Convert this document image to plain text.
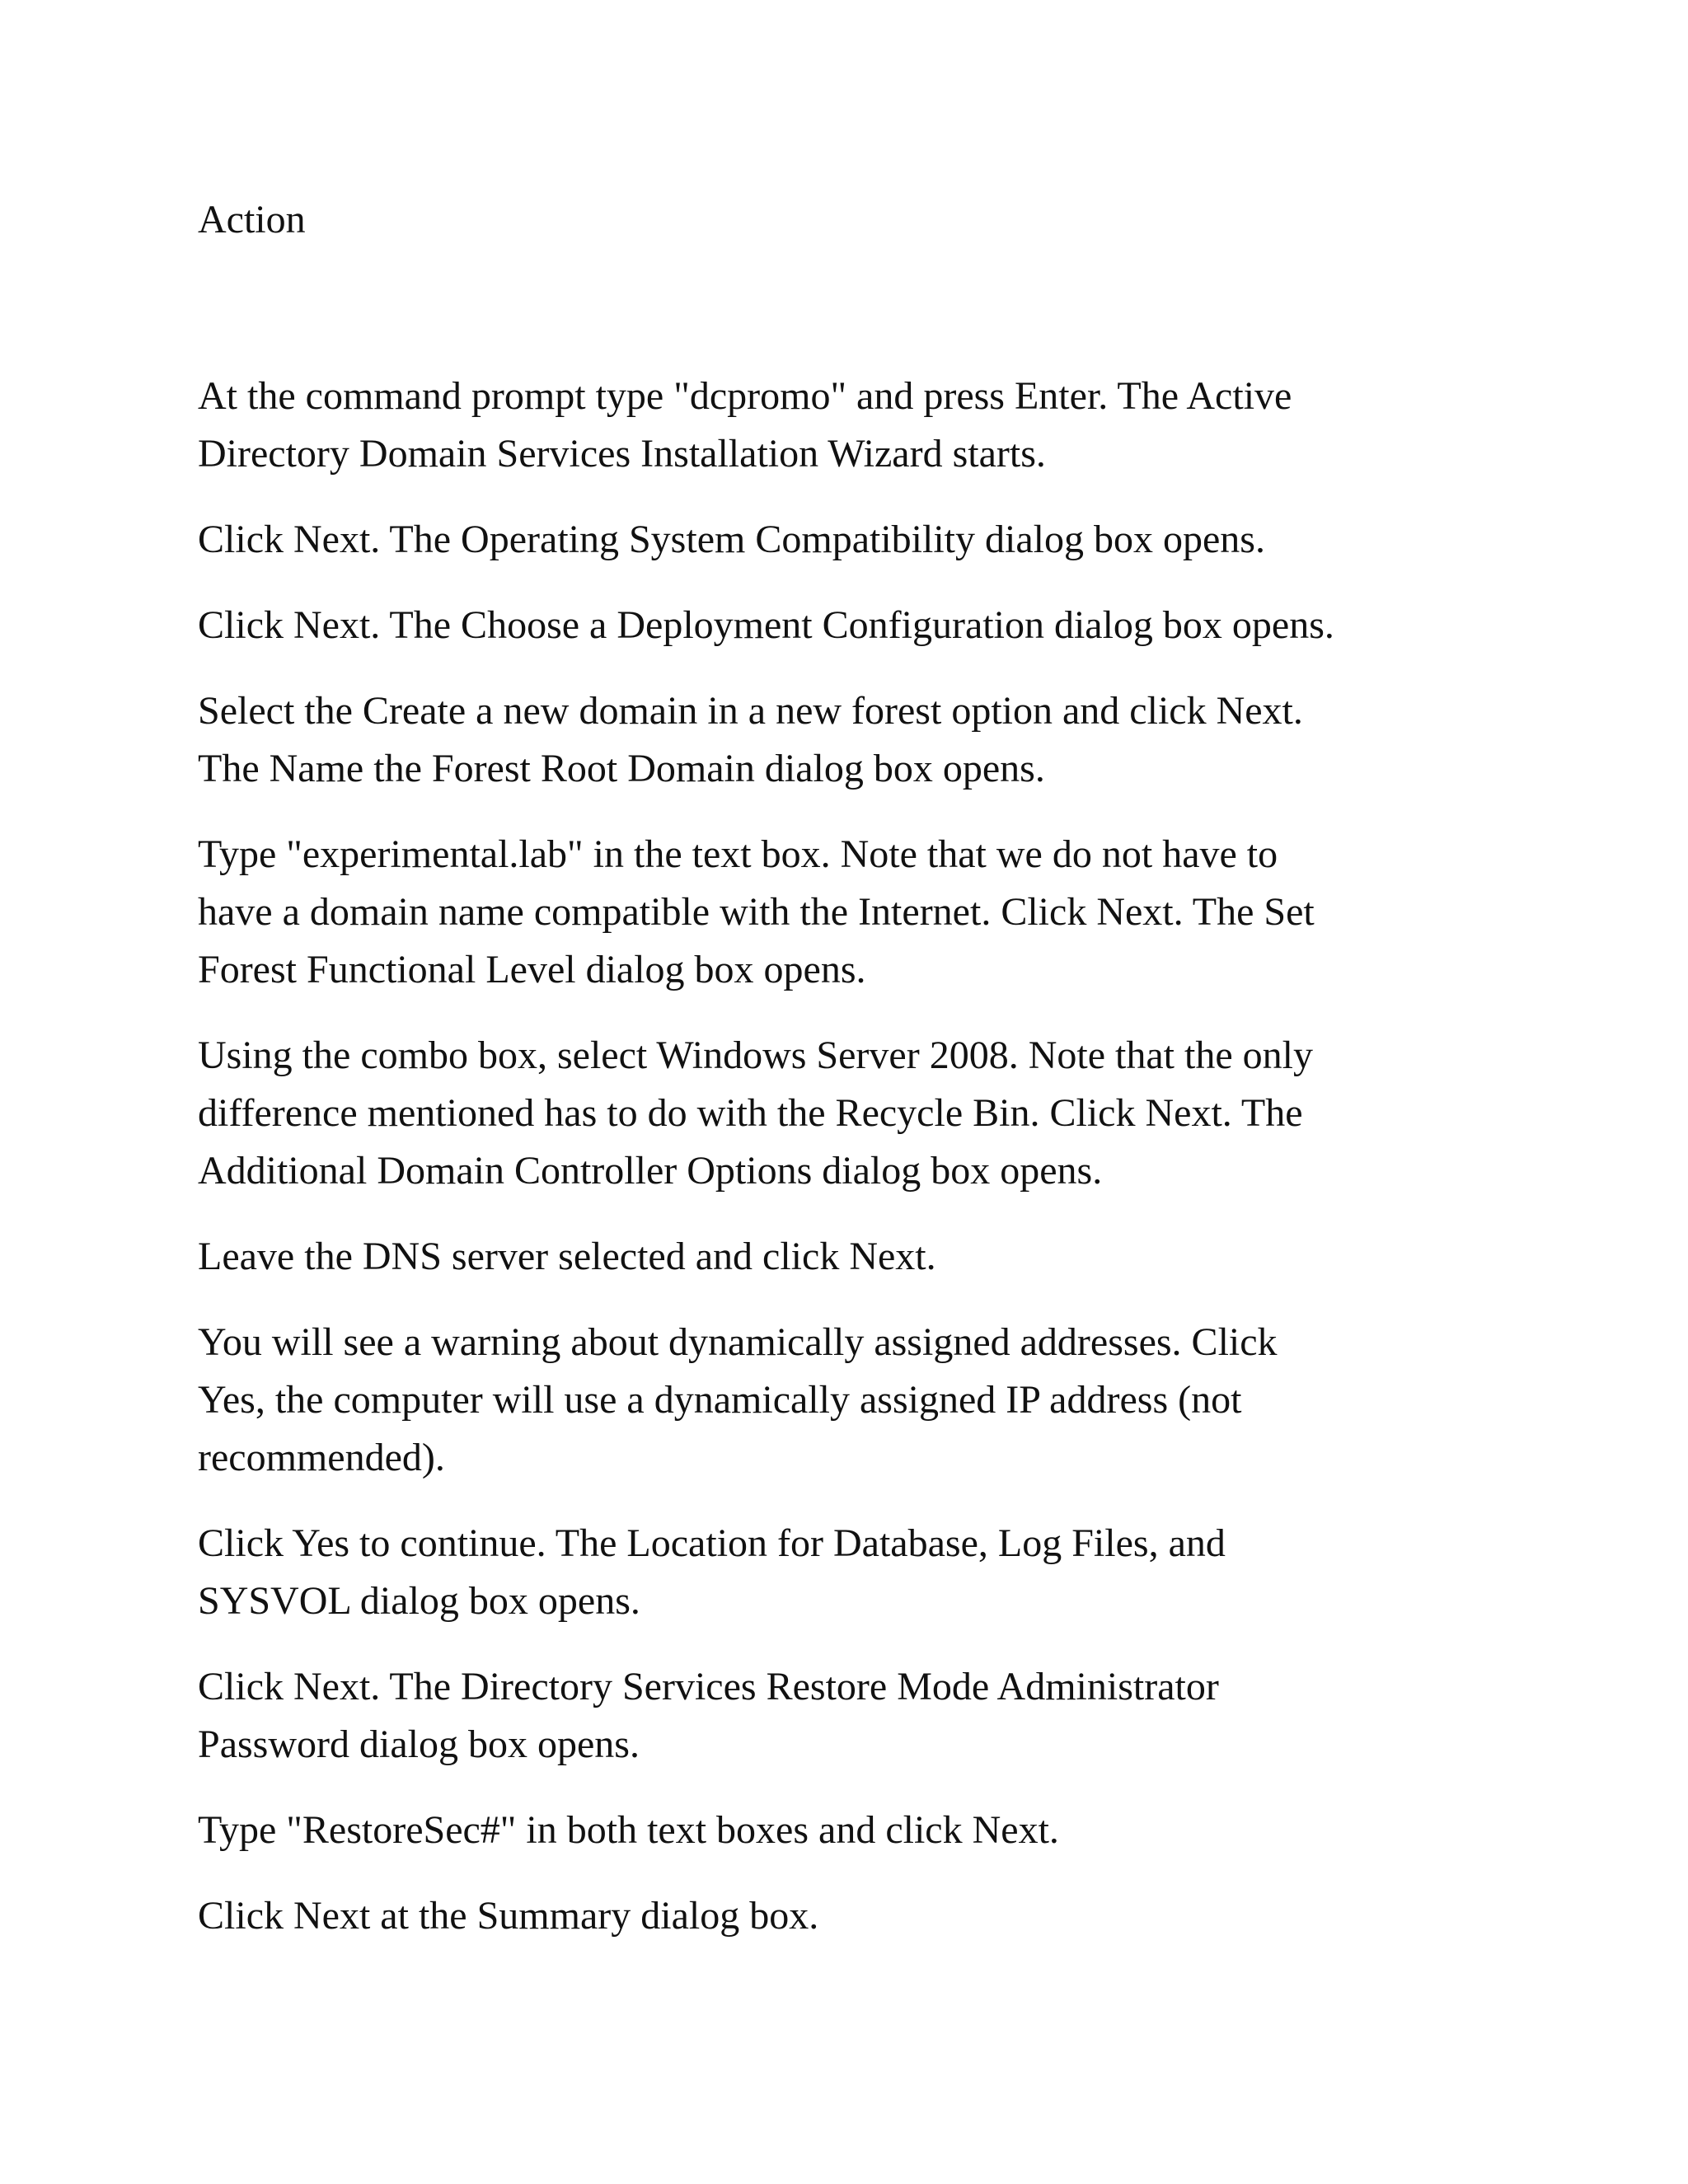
Action
At the command prompt type "dcpromo" and press Enter. The Active
Directory Domain Services Installation Wizard starts.
Click Next. The Operating System Compatibility dialog box opens.
Click Next. The Choose a Deployment Configuration dialog box opens.
Select the Create a new domain in a new forest option and click Next.
The Name the Forest Root Domain dialog box opens.
Type "experimental.lab" in the text box. Note that we do not have to
have a domain name compatible with the Internet. Click Next. The Set
Forest Functional Level dialog box opens.
Using the combo box, select Windows Server 2008. Note that the only
difference mentioned has to do with the Recycle Bin. Click Next. The
Additional Domain Controller Options dialog box opens.
Leave the DNS server selected and click Next.
You will see a warning about dynamically assigned addresses. Click
Yes, the computer will use a dynamically assigned IP address (not
recommended).
Click Yes to continue. The Location for Database, Log Files, and
SYSVOL dialog box opens.
Click Next. The Directory Services Restore Mode Administrator
Password dialog box opens.
Type "RestoreSec#" in both text boxes and click Next.
Click Next at the Summary dialog box.
